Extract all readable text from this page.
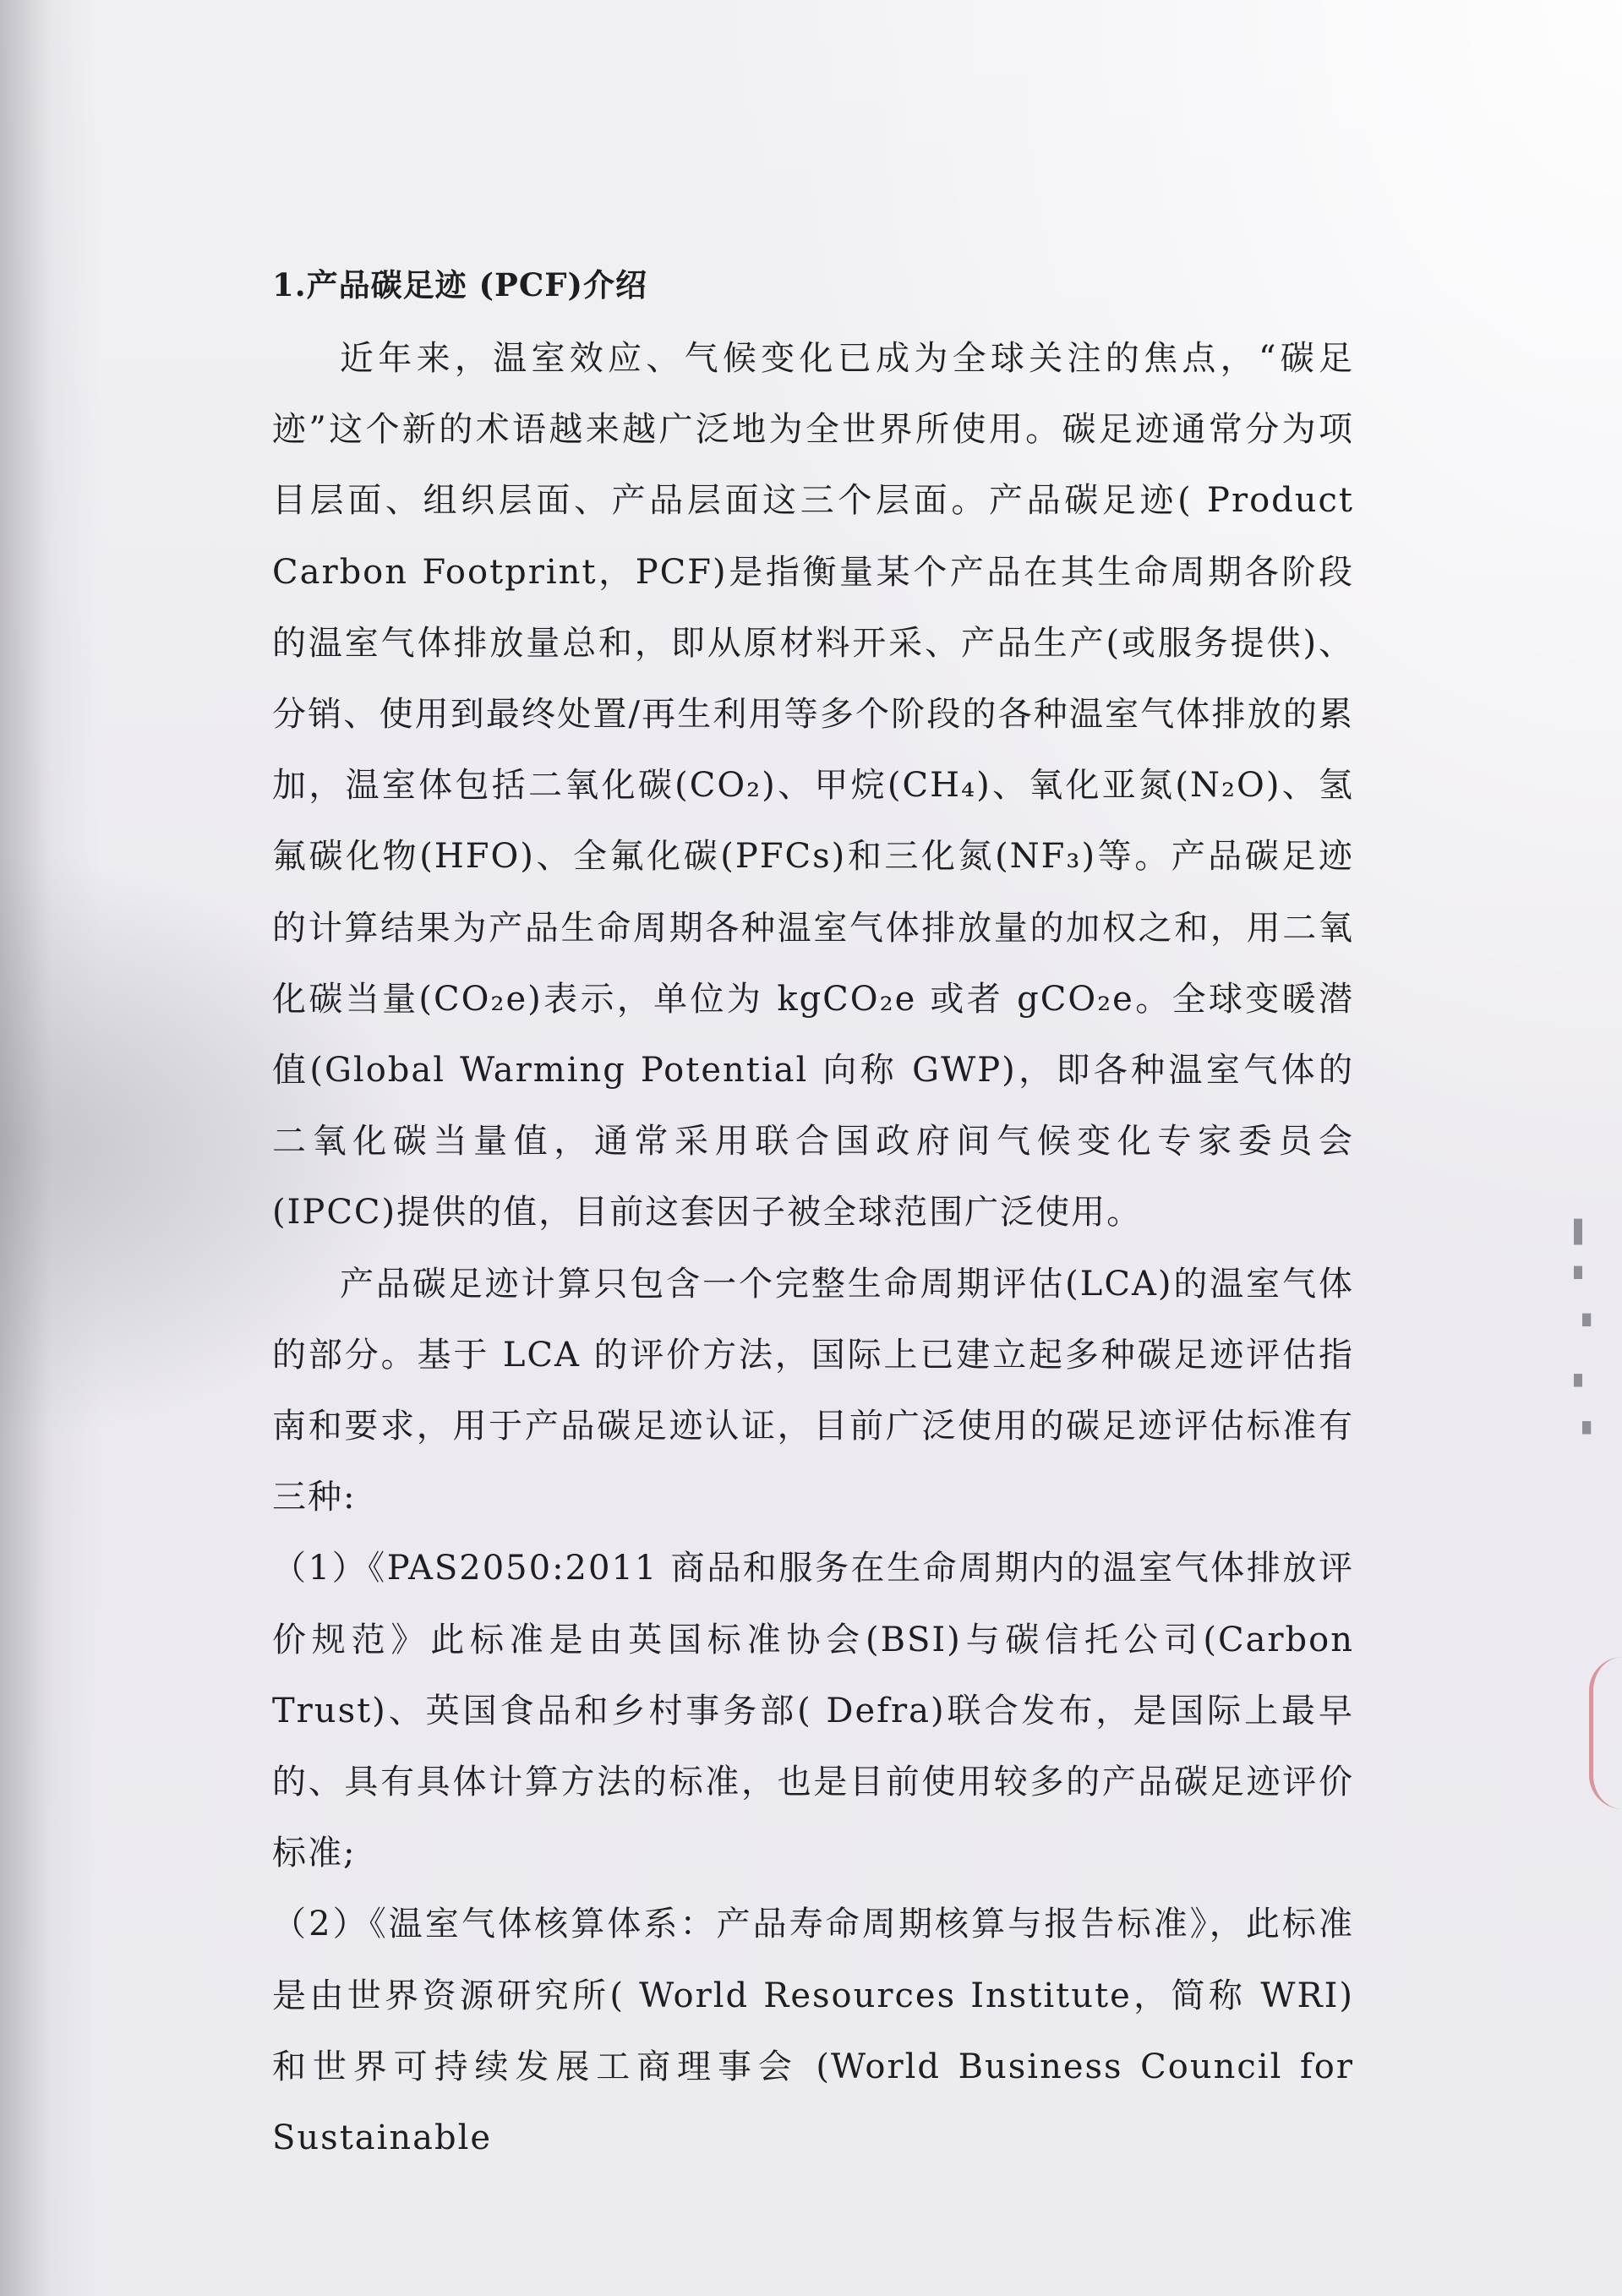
1.产品碳足迹 (PCF)介绍

近年来，温室效应、气候变化已成为全球关注的焦点，“碳足迹”这个新的术语越来越广泛地为全世界所使用。碳足迹通常分为项目层面、组织层面、产品层面这三个层面。产品碳足迹( Product Carbon Footprint，PCF)是指衡量某个产品在其生命周期各阶段的温室气体排放量总和，即从原材料开采、产品生产(或服务提供)、分销、使用到最终处置/再生利用等多个阶段的各种温室气体排放的累加，温室体包括二氧化碳(CO₂)、甲烷(CH₄)、氧化亚氮(N₂O)、氢氟碳化物(HFO)、全氟化碳(PFCs)和三化氮(NF₃)等。产品碳足迹的计算结果为产品生命周期各种温室气体排放量的加权之和，用二氧化碳当量(CO₂e)表示，单位为 kgCO₂e 或者 gCO₂e。全球变暖潜值(Global Warming Potential 向称 GWP)，即各种温室气体的二氧化碳当量值，通常采用联合国政府间气候变化专家委员会(IPCC)提供的值，目前这套因子被全球范围广泛使用。

产品碳足迹计算只包含一个完整生命周期评估(LCA)的温室气体的部分。基于 LCA 的评价方法，国际上已建立起多种碳足迹评估指南和要求，用于产品碳足迹认证，目前广泛使用的碳足迹评估标准有三种:

（1）《PAS2050:2011 商品和服务在生命周期内的温室气体排放评价规范》此标准是由英国标准协会(BSI)与碳信托公司(Carbon Trust)、英国食品和乡村事务部( Defra)联合发布，是国际上最早的、具有具体计算方法的标准，也是目前使用较多的产品碳足迹评价标准;

（2）《温室气体核算体系：产品寿命周期核算与报告标准》，此标准是由世界资源研究所( World Resources Institute，简称 WRI)和世界可持续发展工商理事会 (World Business Council for Sustainable

▌
▘
▝
▖
▗
